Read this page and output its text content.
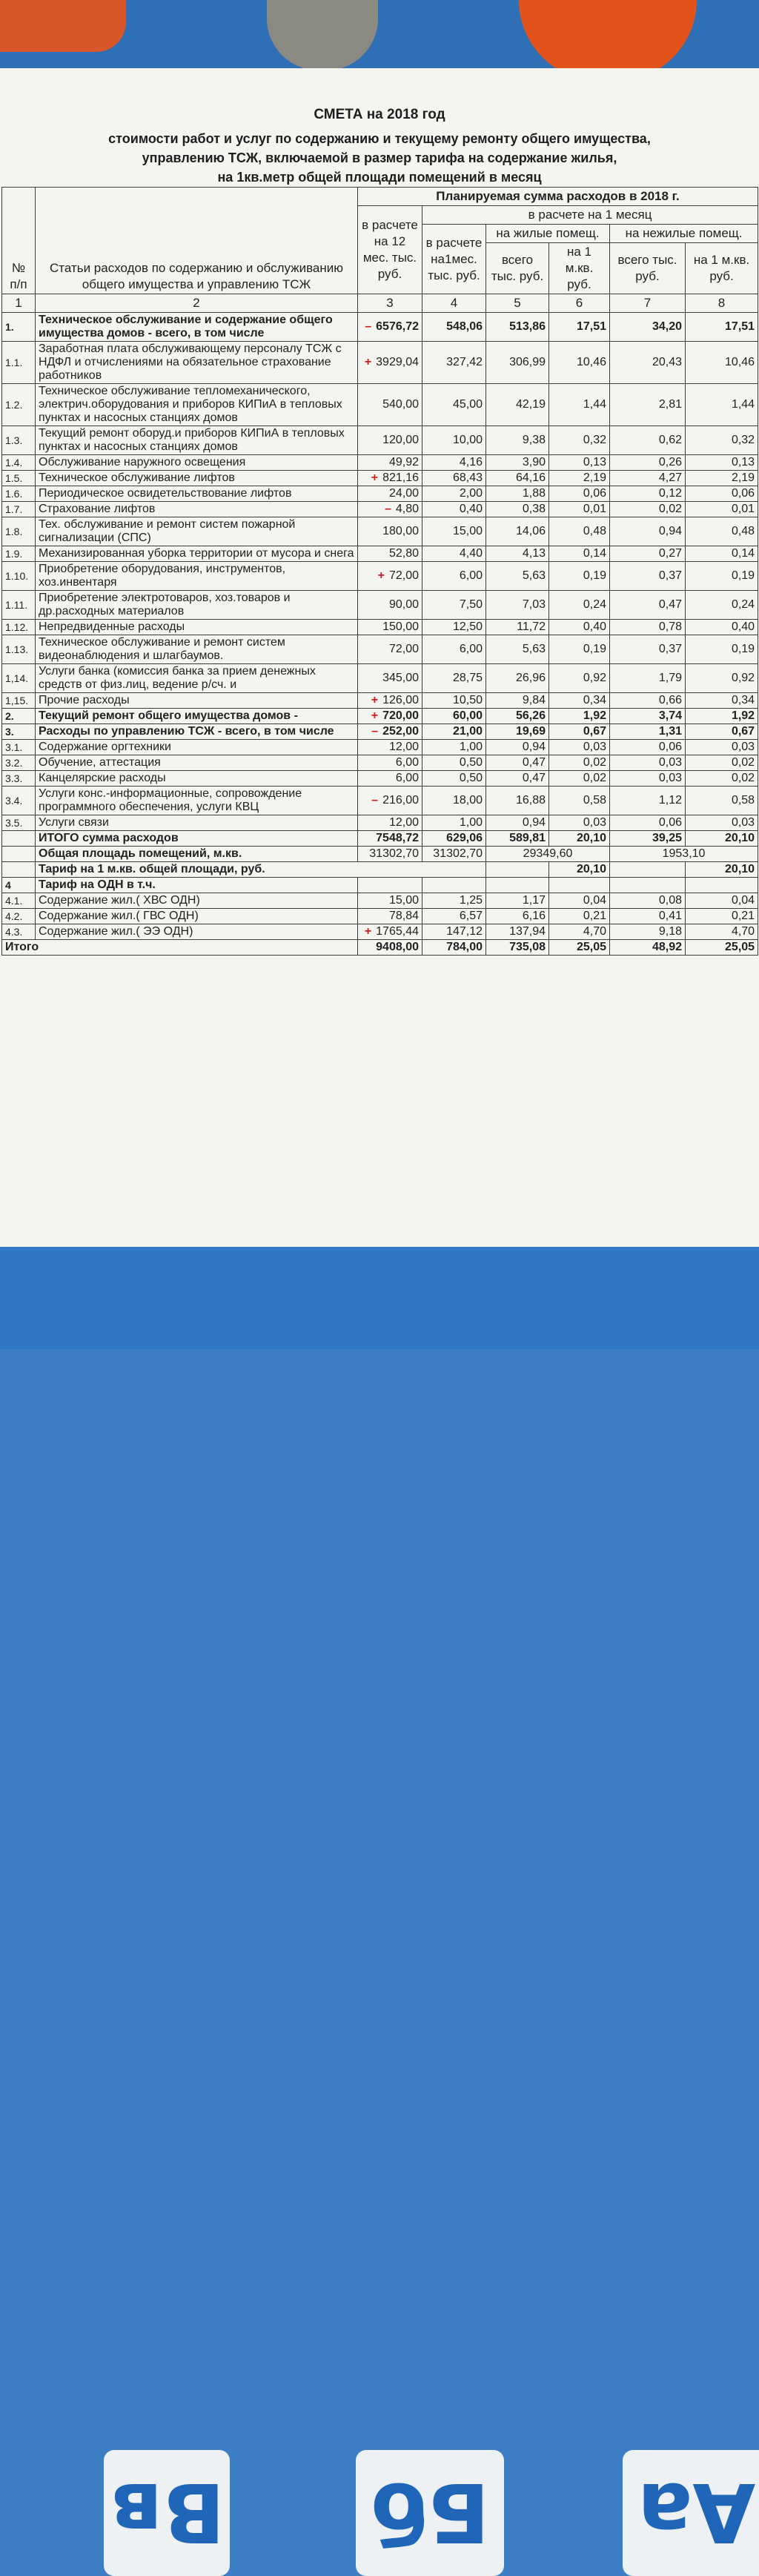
Вв Бб Аа
СМЕТА на 2018 год
стоимости работ и услуг по содержанию и текущему ремонту общего имущества,
управлению ТСЖ, включаемой в размер тарифа на содержание жилья,
на 1кв.метр общей площади помещений в месяц
№ п/п	Статьи расходов по содержанию и обслуживанию общего имущества и управлению ТСЖ	Планируемая сумма расходов в 2018 г.					
		в расчете на 12 мес. тыс. руб.	в расчете на 1 месяц				
			в расчете на1мес. тыс. руб.	на жилые помещ.		на нежилые помещ.	
				всего тыс. руб.	на 1 м.кв. руб.	всего тыс. руб.	на 1 м.кв. руб.
1	2	3	4	5	6	7	8
1.	Техническое обслуживание и содержание общего имущества домов - всего, в том числе	– 6576,72	548,06	513,86	17,51	34,20	17,51
1.1.	Заработная плата обслуживающему персоналу ТСЖ с НДФЛ и отчислениями на обязательное страхование работников	+ 3929,04	327,42	306,99	10,46	20,43	10,46
1.2.	Техническое обслуживание тепломеханического, электрич.оборудования и приборов КИПиА в тепловых пунктах и насосных станциях домов	540,00	45,00	42,19	1,44	2,81	1,44
1.3.	Текущий ремонт оборуд.и приборов КИПиА в тепловых пунктах и насосных станциях домов	120,00	10,00	9,38	0,32	0,62	0,32
1.4.	Обслуживание наружного освещения	49,92	4,16	3,90	0,13	0,26	0,13
1.5.	Техническое обслуживание лифтов	+ 821,16	68,43	64,16	2,19	4,27	2,19
1.6.	Периодическое освидетельствование лифтов	24,00	2,00	1,88	0,06	0,12	0,06
1.7.	Страхование лифтов	– 4,80	0,40	0,38	0,01	0,02	0,01
1.8.	Тех. обслуживание и ремонт систем пожарной сигнализации (СПС)	180,00	15,00	14,06	0,48	0,94	0,48
1.9.	Механизированная уборка территории от мусора и снега	52,80	4,40	4,13	0,14	0,27	0,14
1.10.	Приобретение оборудования, инструментов, хоз.инвентаря	+ 72,00	6,00	5,63	0,19	0,37	0,19
1.11.	Приобретение электротоваров, хоз.товаров и др.расходных материалов	90,00	7,50	7,03	0,24	0,47	0,24
1.12.	Непредвиденные расходы	150,00	12,50	11,72	0,40	0,78	0,40
1.13.	Техническое обслуживание и ремонт систем видеонаблюдения и шлагбаумов.	72,00	6,00	5,63	0,19	0,37	0,19
1,14.	Услуги банка (комиссия банка за прием денежных средств от физ.лиц, ведение р/сч. и	345,00	28,75	26,96	0,92	1,79	0,92
1,15.	Прочие расходы	+ 126,00	10,50	9,84	0,34	0,66	0,34
2.	Текущий ремонт общего имущества домов -	+ 720,00	60,00	56,26	1,92	3,74	1,92
3.	Расходы по управлению ТСЖ - всего, в том числе	– 252,00	21,00	19,69	0,67	1,31	0,67
3.1.	Содержание оргтехники	12,00	1,00	0,94	0,03	0,06	0,03
3.2.	Обучение, аттестация	6,00	0,50	0,47	0,02	0,03	0,02
3.3.	Канцелярские расходы	6,00	0,50	0,47	0,02	0,03	0,02
3.4.	Услуги конс.-информационные, сопровождение программного обеспечения, услуги КВЦ	– 216,00	18,00	16,88	0,58	1,12	0,58
3.5.	Услуги связи	12,00	1,00	0,94	0,03	0,06	0,03
	ИТОГО сумма расходов	7548,72	629,06	589,81	20,10	39,25	20,10
	Общая площадь помещений, м.кв.	31302,70	31302,70	29349,60		1953,10	
	Тариф на 1 м.кв. общей площади, руб.				20,10		20,10
4	Тариф на ОДН в т.ч.						
4.1.	Содержание жил.( ХВС ОДН)	15,00	1,25	1,17	0,04	0,08	0,04
4.2.	Содержание жил.( ГВС ОДН)	78,84	6,57	6,16	0,21	0,41	0,21
4.3.	Содержание жил.( ЭЭ ОДН)	+ 1765,44	147,12	137,94	4,70	9,18	4,70
Итого		9408,00	784,00	735,08	25,05	48,92	25,05
